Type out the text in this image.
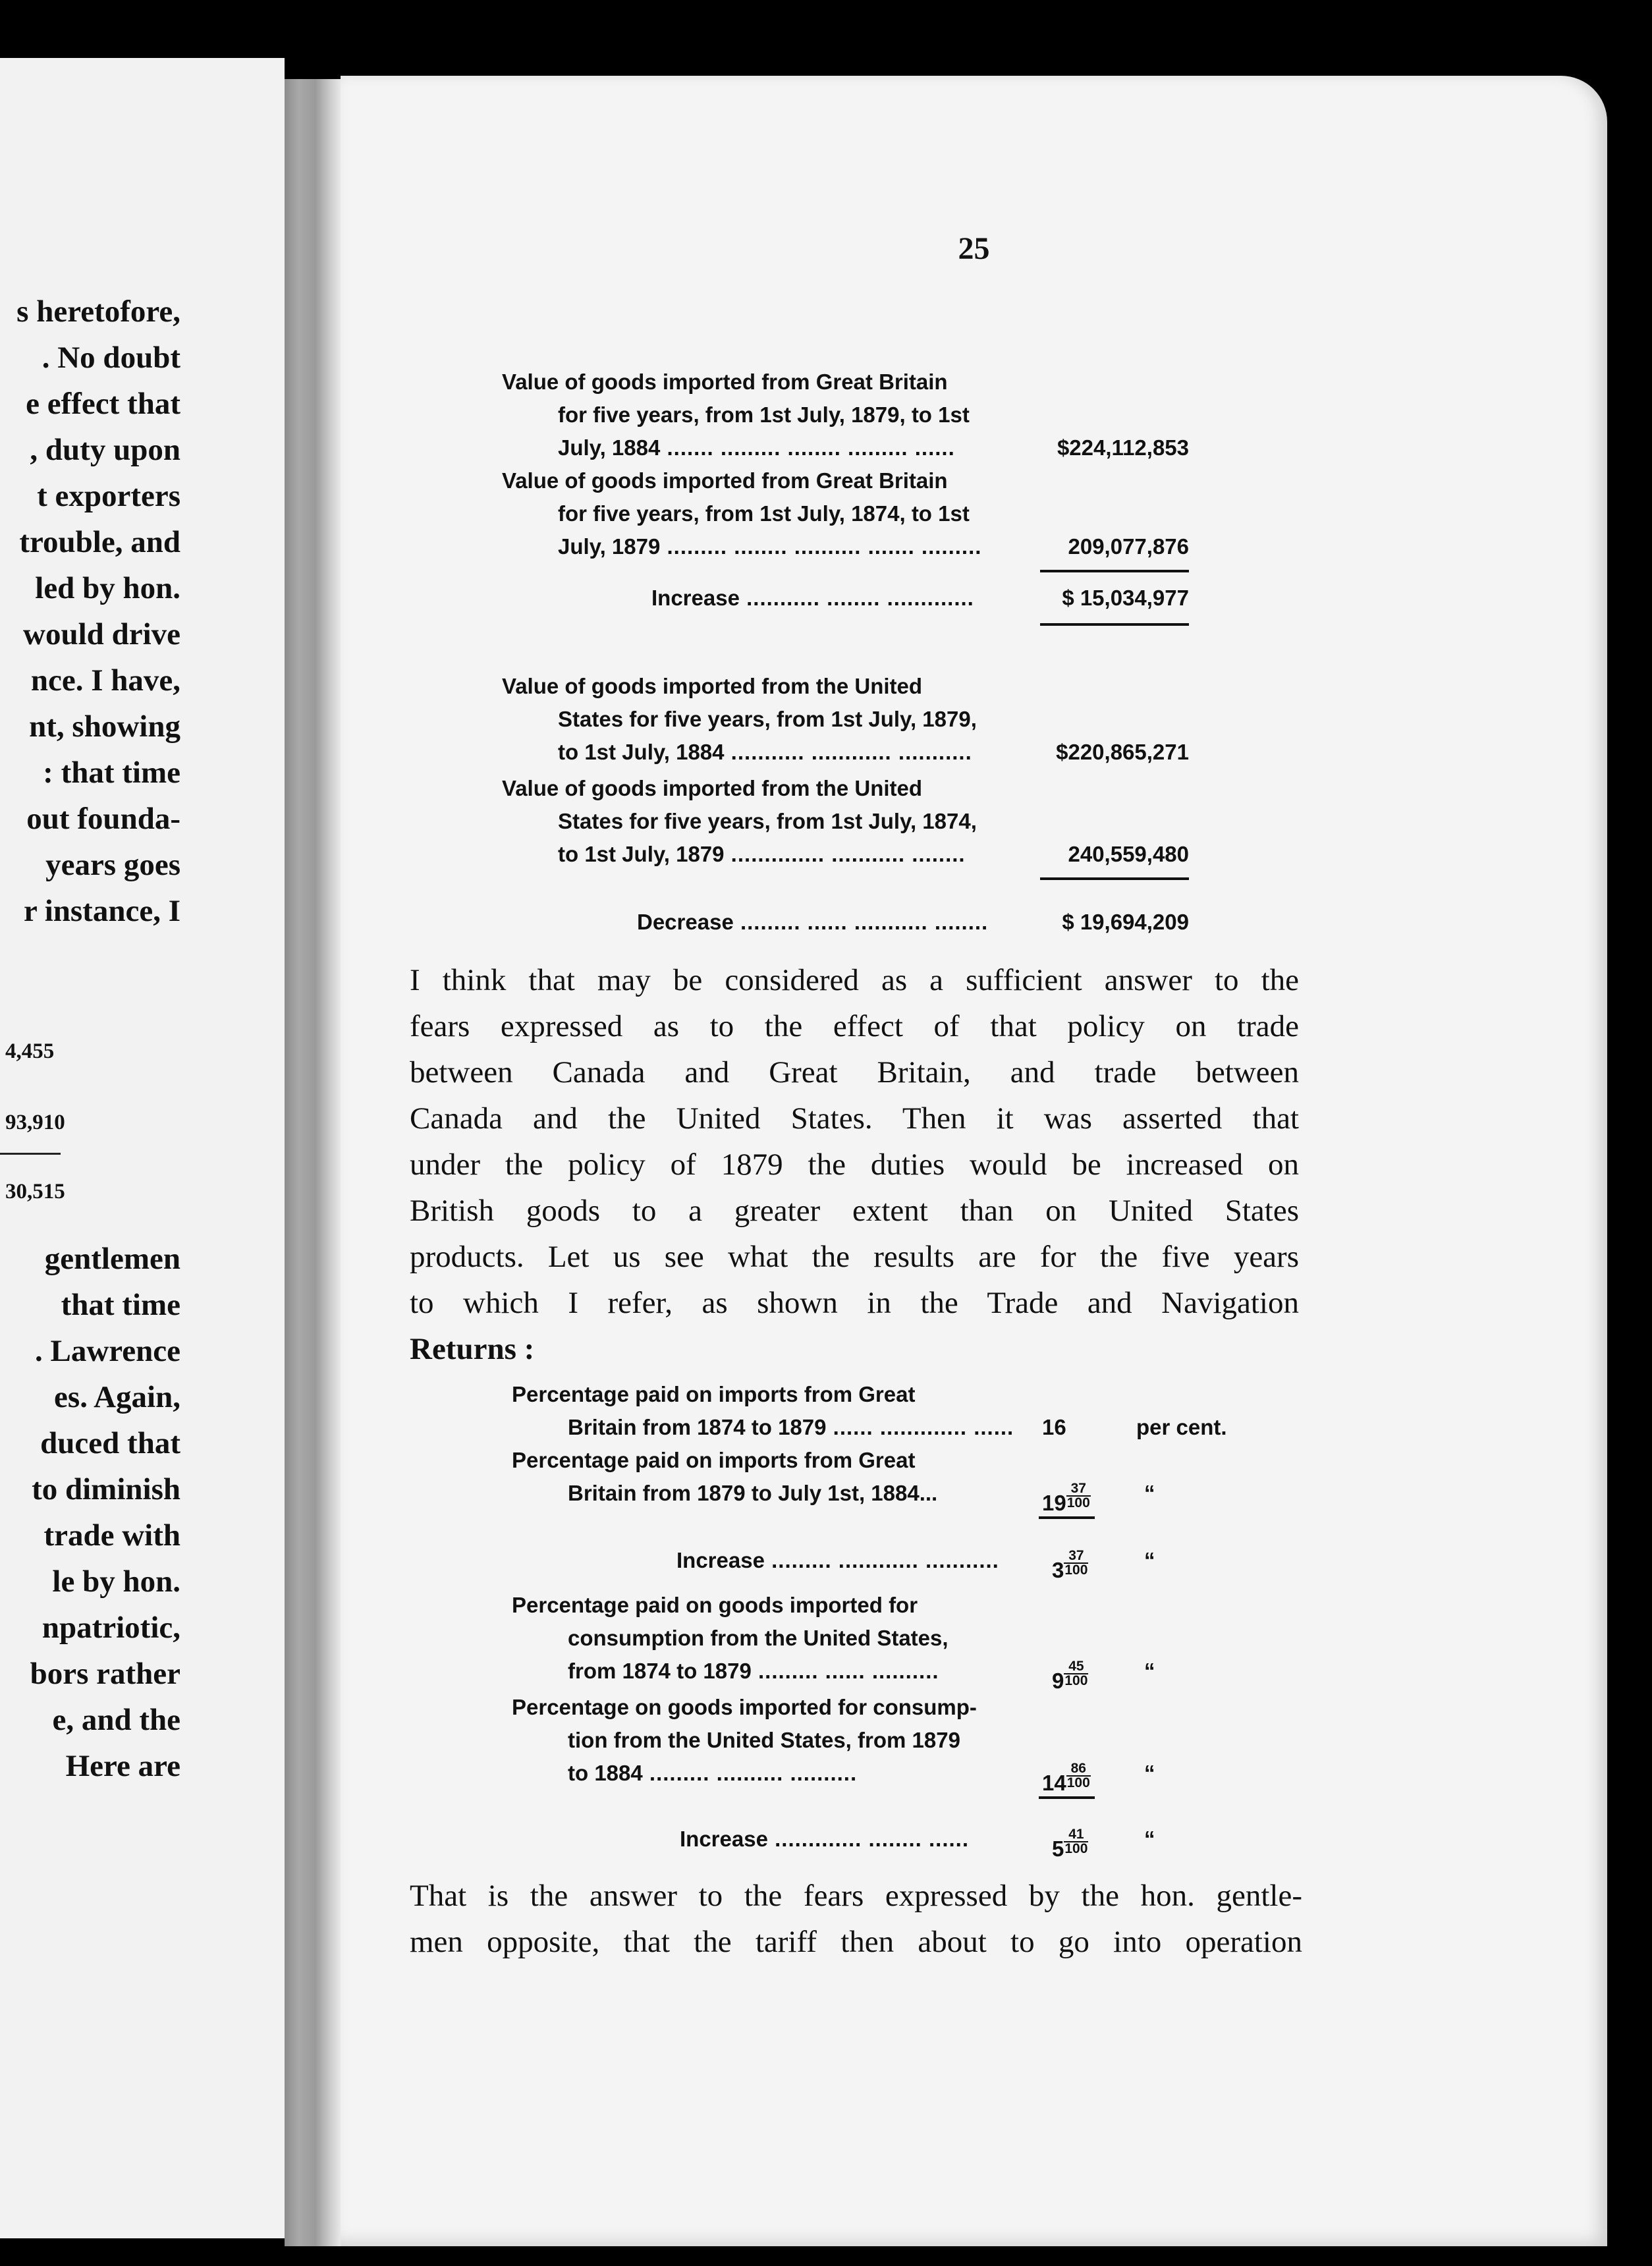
s heretofore,
. No doubt
e effect that
, duty upon
t exporters
trouble, and
led by hon.
would drive
nce. I have,
nt, showing
: that time
out founda-
years goes
r instance, I
4,455
93,910
30,515
gentlemen
that time
. Lawrence
es. Again,
duced that
to diminish
trade with
le by hon.
npatriotic,
bors rather
e, and the
Here are
25
Value of goods imported from Great Britain
for five years, from 1st July, 1879, to 1st
July, 1884 ....... ......... ........ ......... ......	$224,112,853
Value of goods imported from Great Britain
for five years, from 1st July, 1874, to 1st
July, 1879 ......... ........ .......... ....... .........	209,077,876
Increase ........... ........ .............	$ 15,034,977
Value of goods imported from the United
States for five years, from 1st July, 1879,
to 1st July, 1884 ........... ............ ...........	$220,865,271
Value of goods imported from the United
States for five years, from 1st July, 1874,
to 1st July, 1879 .............. ........... ........	240,559,480
Decrease ......... ...... ........... ........	$ 19,694,209
I think that may be considered as a sufficient answer to the
fears expressed as to the effect of that policy on trade
between Canada and Great Britain, and trade between
Canada and the United States. Then it was asserted that
under the policy of 1879 the duties would be increased on
British goods to a greater extent than on United States
products. Let us see what the results are for the five years
to which I refer, as shown in the Trade and Navigation
Returns :
Percentage paid on imports from Great
Britain from 1874 to 1879 ...... ............. ...... 16	per cent.
Percentage paid on imports from Great
Britain from 1879 to July 1st, 1884...	$19 \frac{37}{100}$ “
Increase ......... ............ ........... $3 \frac{37}{100}$	“
Percentage paid on goods imported for
consumption from the United States,
from 1874 to 1879 ......... ...... ..........	$9 \frac{45}{100}$	“
Percentage on goods imported for consump-
tion from the United States, from 1879
to 1884 ......... .......... ..........	$14 \frac{86}{100}$ “
Increase ............. ........ ......	$5 \frac{41}{100}$	“
That is the answer to the fears expressed by the hon. gentle-
men opposite, that the tariff then about to go into operation
